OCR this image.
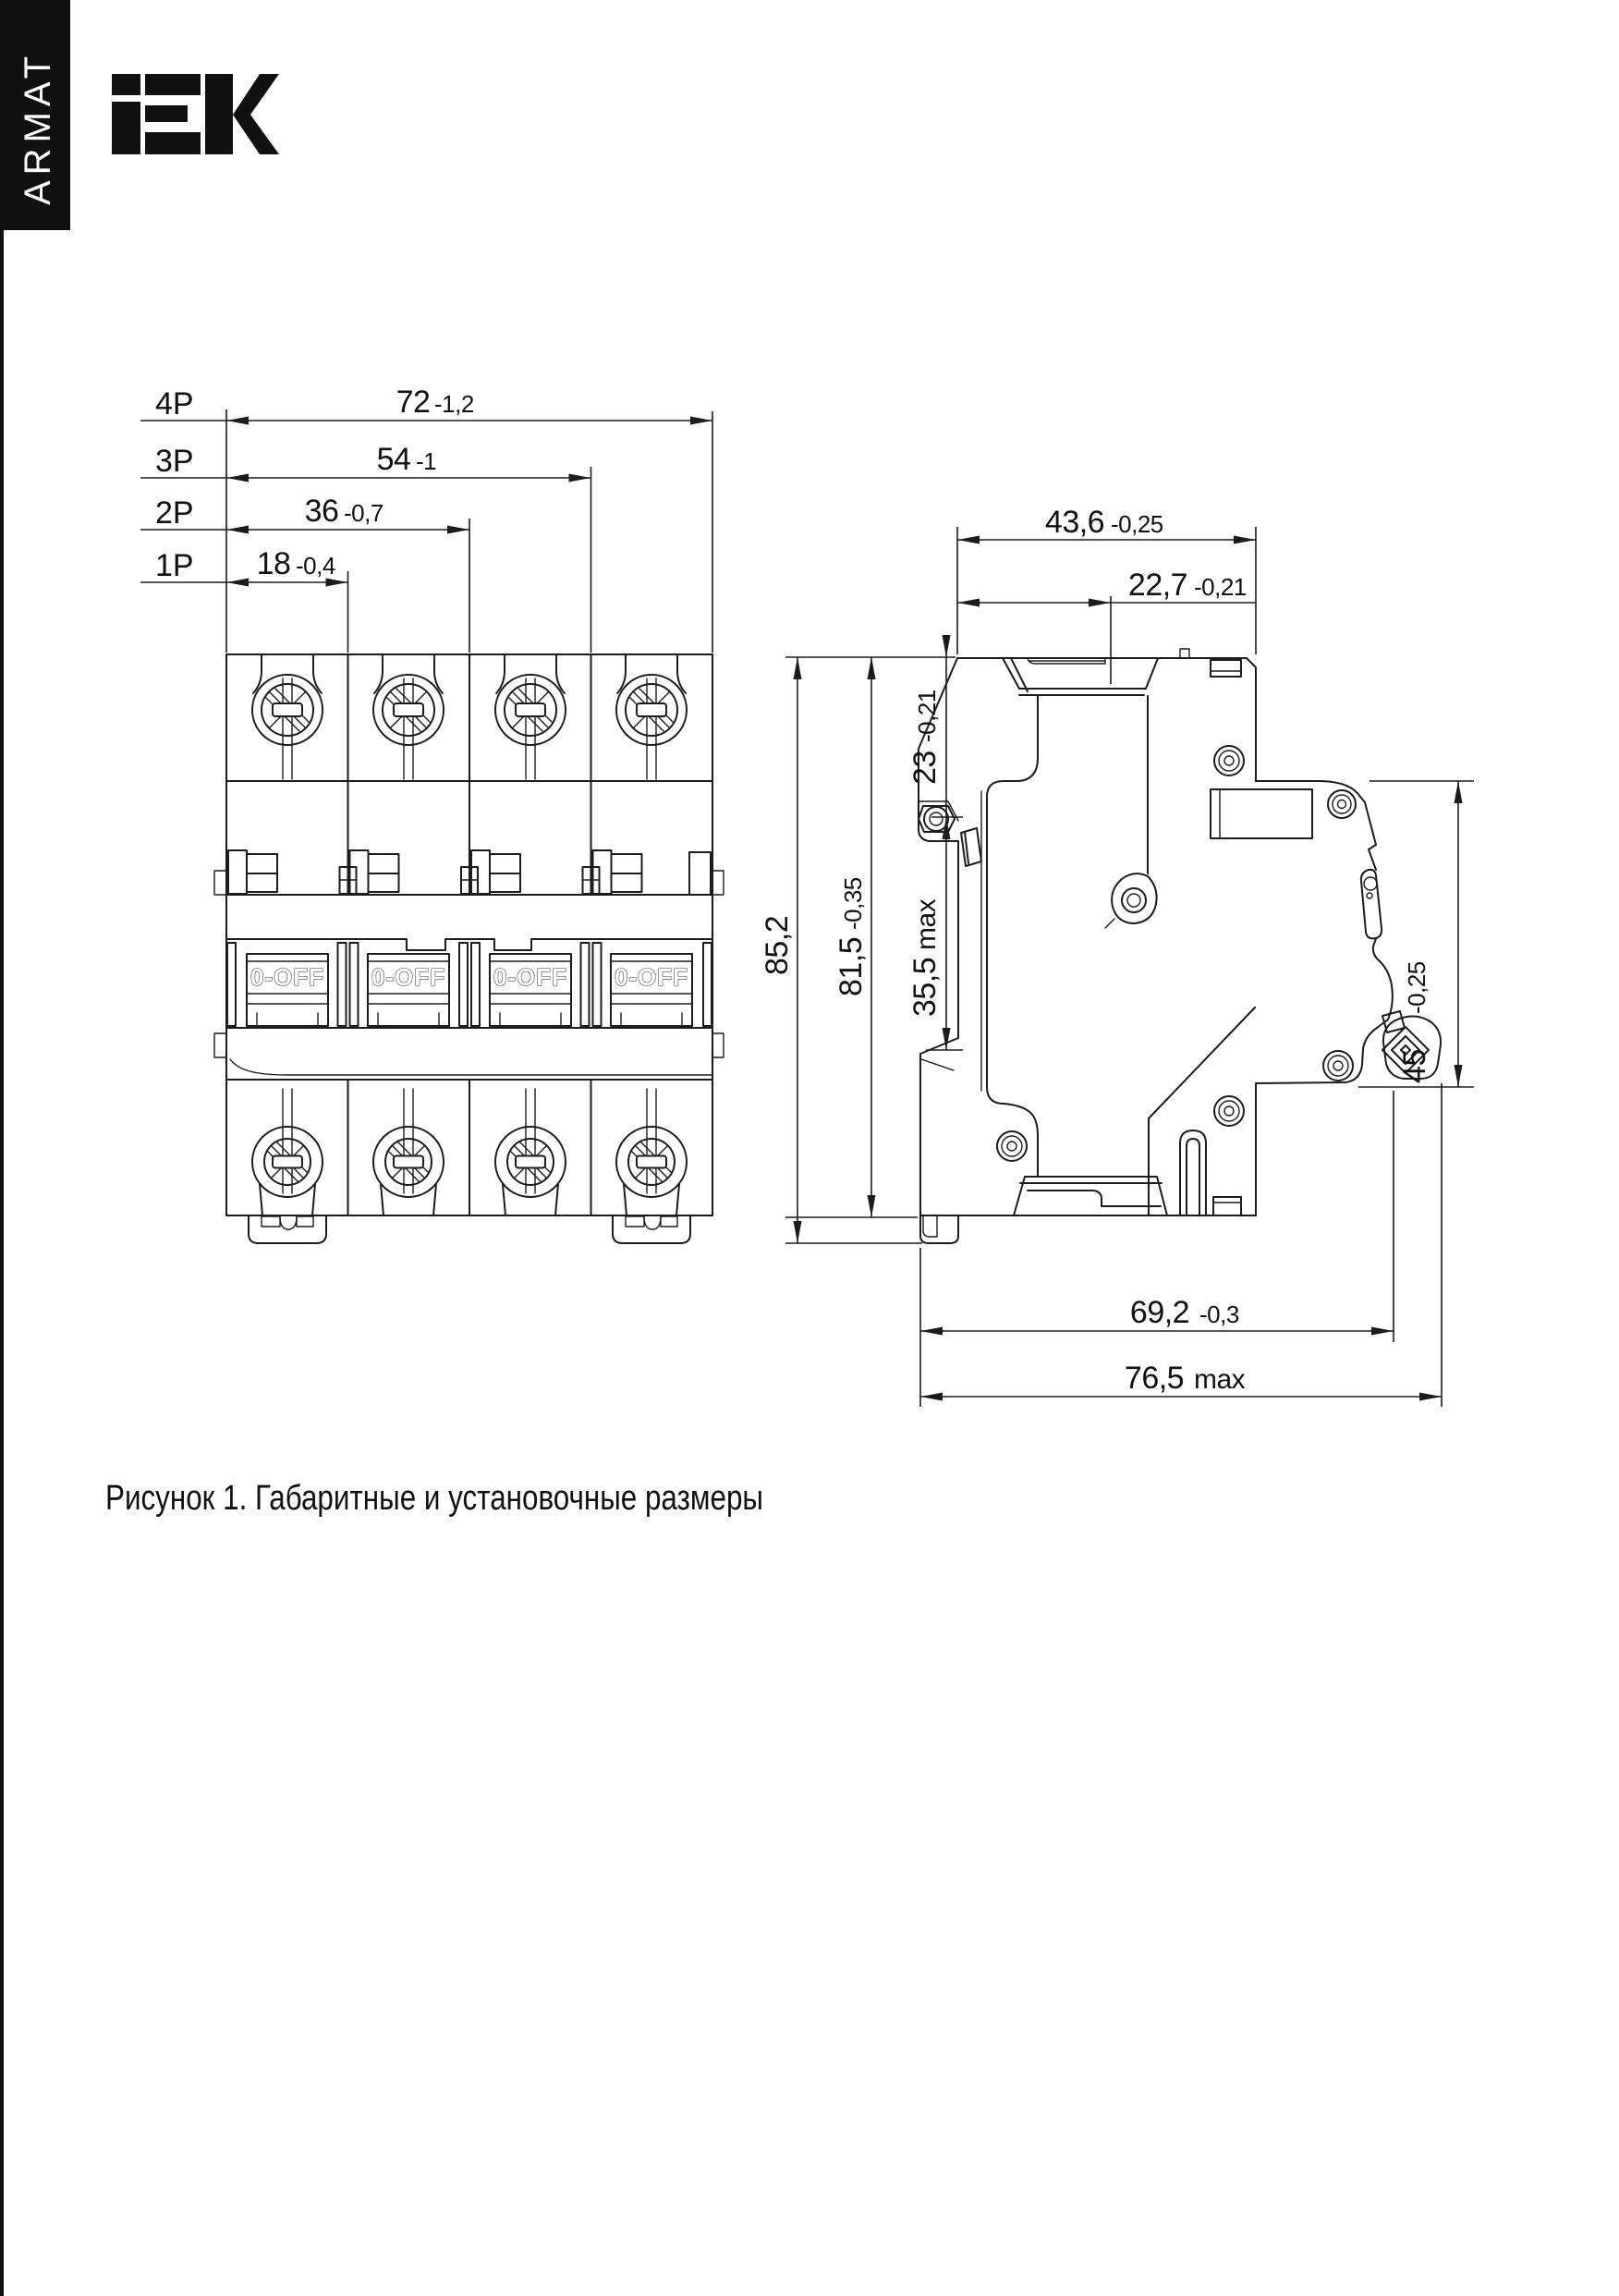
ARMAT
0-OFF 0-OFF 0-OFF 0-OFF
4P	72 -1,2
3P	54 -1
2P	36 -0,7
1P 18 -0,4
85,2 81,5
-0,35
23
-0,21
35,5
max
45
-0,25
43,6 -0,25
22,7 -0,21
69,2 -0,3
76,5 max
Рисунок 1. Габаритные и установочные размеры
